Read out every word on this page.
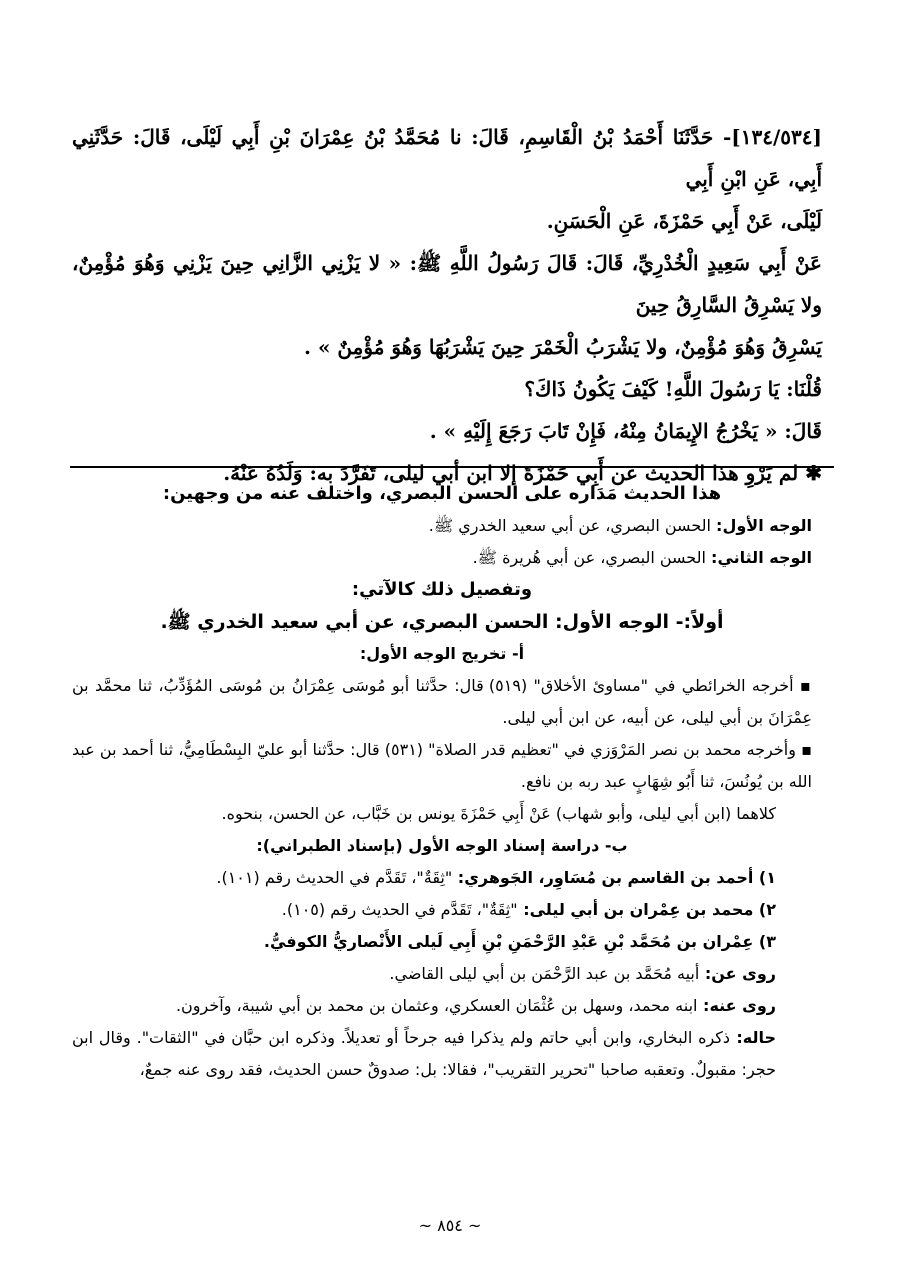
[١٣٤/٥٣٤]- حَدَّثَنَا أَحْمَدُ بْنُ الْقَاسِمِ، قَالَ: نا مُحَمَّدُ بْنُ عِمْرَانَ بْنِ أَبِي لَيْلَى، قَالَ: حَدَّثَنِي أَبِي، عَنِ ابْنِ أَبِي

لَيْلَى، عَنْ أَبِي حَمْزَةَ، عَنِ الْحَسَنِ.

عَنْ أَبِي سَعِيدٍ الْخُدْرِيِّ، قَالَ: قَالَ رَسُولُ اللَّهِ ﷺ: « لا يَزْنِي الزَّانِي حِينَ يَزْنِي وَهُوَ مُؤْمِنٌ، ولا يَسْرِقُ السَّارِقُ حِينَ

يَسْرِقُ وَهُوَ مُؤْمِنٌ، ولا يَشْرَبُ الْخَمْرَ حِينَ يَشْرَبُهَا وَهُوَ مُؤْمِنٌ » .

قُلْنَا: يَا رَسُولَ اللَّهِ! كَيْفَ يَكُونُ ذَاكَ؟

قَالَ: « يَخْرُجُ الإِيمَانُ مِنْهُ، فَإِنْ تَابَ رَجَعَ إِلَيْهِ » .

✱ لم يَرْوِ هذا الحديث عن أَبِي حَمْزَةَ إلا ابن أبي ليلى، تَفَرَّدَ به: وَلَدُهُ عَنْهُ.

هذا الحديث مَدَاره على الحسن البصري، واختلف عنه من وجهين:

الوجه الأول: الحسن البصري، عن أبي سعيد الخدري ﷺ.

الوجه الثاني: الحسن البصري، عن أبي هُريرة ﷺ.

وتفصيل ذلك كالآتي:

أولاً:- الوجه الأول: الحسن البصري، عن أبي سعيد الخدري ﷺ.

أ- تخريج الوجه الأول:

▪ أخرجه الخرائطي في "مساوئ الأخلاق" (٥١٩) قال: حدَّثنا أبو مُوسَى عِمْرَانُ بن مُوسَى المُؤَدِّبُ، ثنا محمَّد بن عِمْرَانَ بن أبي ليلى، عن أبيه، عن ابن أبي ليلى.

▪ وأخرجه محمد بن نصر المَرْوَزي في "تعظيم قدر الصلاة" (٥٣١) قال: حدَّثنا أبو عليّ البِسْطَامِيُّ، ثنا أحمد بن عبد الله بن يُونُسَ، ثنا أَبُو شِهَابٍ عبد ربه بن نافع.

كلاهما (ابن أبي ليلى، وأبو شهاب) عَنْ أَبِي حَمْزَةَ يونس بن خَبَّاب، عن الحسن، بنحوه.

ب- دراسة إسناد الوجه الأول (بإسناد الطبراني):

١) أحمد بن القاسم بن مُسَاوِر، الجَوهري: "ثِقَةٌ"، تَقَدَّم في الحديث رقم (١٠١).

٢) محمد بن عِمْران بن أبي ليلى: "ثِقَةٌ"، تَقَدَّم في الحديث رقم (١٠٥).

٣) عِمْران بن مُحَمَّد بْنِ عَبْدِ الرَّحْمَنِ بْنِ أَبِي لَيلى الأَنْصاريُّ الكوفيُّ.

روى عن: أبيه مُحَمَّد بن عبد الرَّحْمَن بن أبي ليلى القاضي.

روى عنه: ابنه محمد، وسهل بن عُثْمَان العسكري، وعثمان بن محمد بن أبي شيبة، وآخرون.

حاله: ذكره البخاري، وابن أبي حاتم ولم يذكرا فيه جرحاً أو تعديلاً. وذكره ابن حبَّان في "الثقات". وقال ابن حجر: مقبولٌ. وتعقبه صاحبا "تحرير التقريب"، فقالا: بل: صدوقٌ حسن الحديث، فقد روى عنه جمعٌ،

~ ٨٥٤ ~
